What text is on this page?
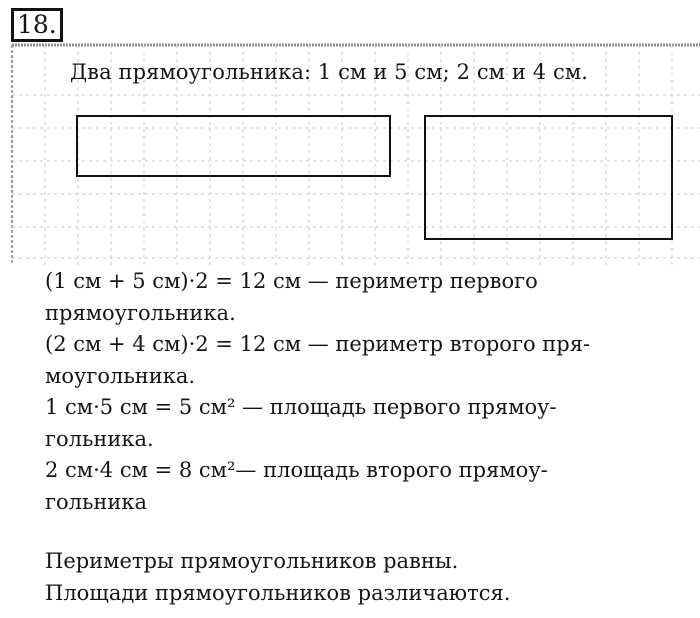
18.
Два прямоугольника: 1 см и 5 см; 2 см и 4 см.

(1 см + 5 см)·2 = 12 см — периметр первого

прямоугольника.

(2 см + 4 см)·2 = 12 см — периметр второго пря-

моугольника.

1 см·5 см = 5 см² — площадь первого прямоу-

гольника.

2 см·4 см = 8 см²— площадь второго прямоу-

гольника

Периметры прямоугольников равны.

Площади прямоугольников различаются.
